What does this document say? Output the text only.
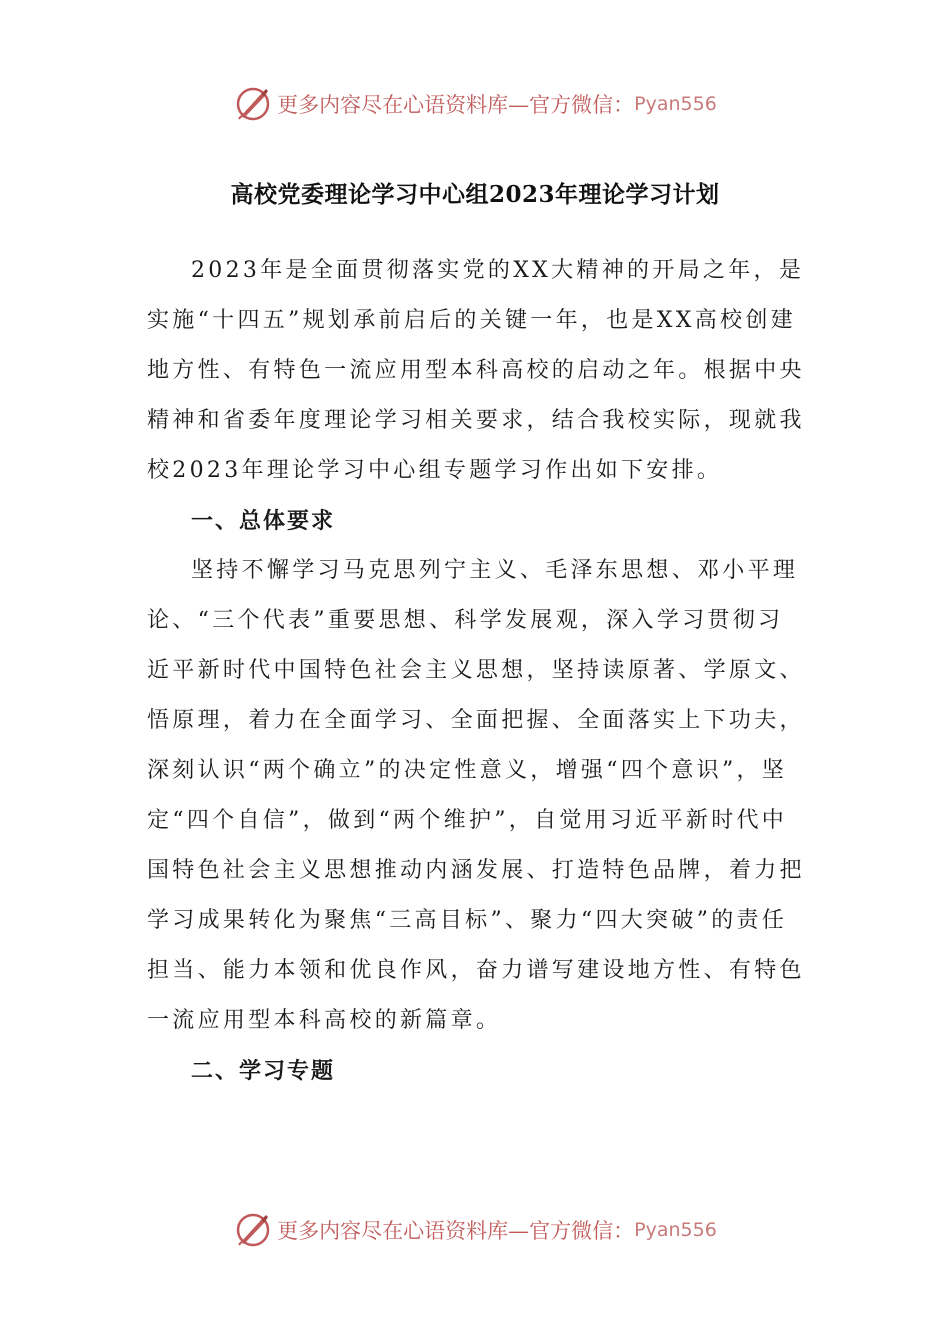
更多内容尽在心语资料库—官方微信： Pyan556
高校党委理论学习中心组2023年理论学习计划

2023年是全面贯彻落实党的XX大精神的开局之年，是实施“十四五”规划承前启后的关键一年，也是XX高校创建地方性、有特色一流应用型本科高校的启动之年。根据中央精神和省委年度理论学习相关要求，结合我校实际，现就我校2023年理论学习中心组专题学习作出如下安排。

一、总体要求

坚持不懈学习马克思列宁主义、毛泽东思想、邓小平理论、“三个代表”重要思想、科学发展观，深入学习贯彻习近平新时代中国特色社会主义思想，坚持读原著、学原文、悟原理，着力在全面学习、全面把握、全面落实上下功夫，深刻认识“两个确立”的决定性意义，增强“四个意识”，坚定“四个自信”，做到“两个维护”，自觉用习近平新时代中国特色社会主义思想推动内涵发展、打造特色品牌，着力把学习成果转化为聚焦“三高目标”、聚力“四大突破”的责任担当、能力本领和优良作风，奋力谱写建设地方性、有特色一流应用型本科高校的新篇章。

二、学习专题
更多内容尽在心语资料库—官方微信： Pyan556
